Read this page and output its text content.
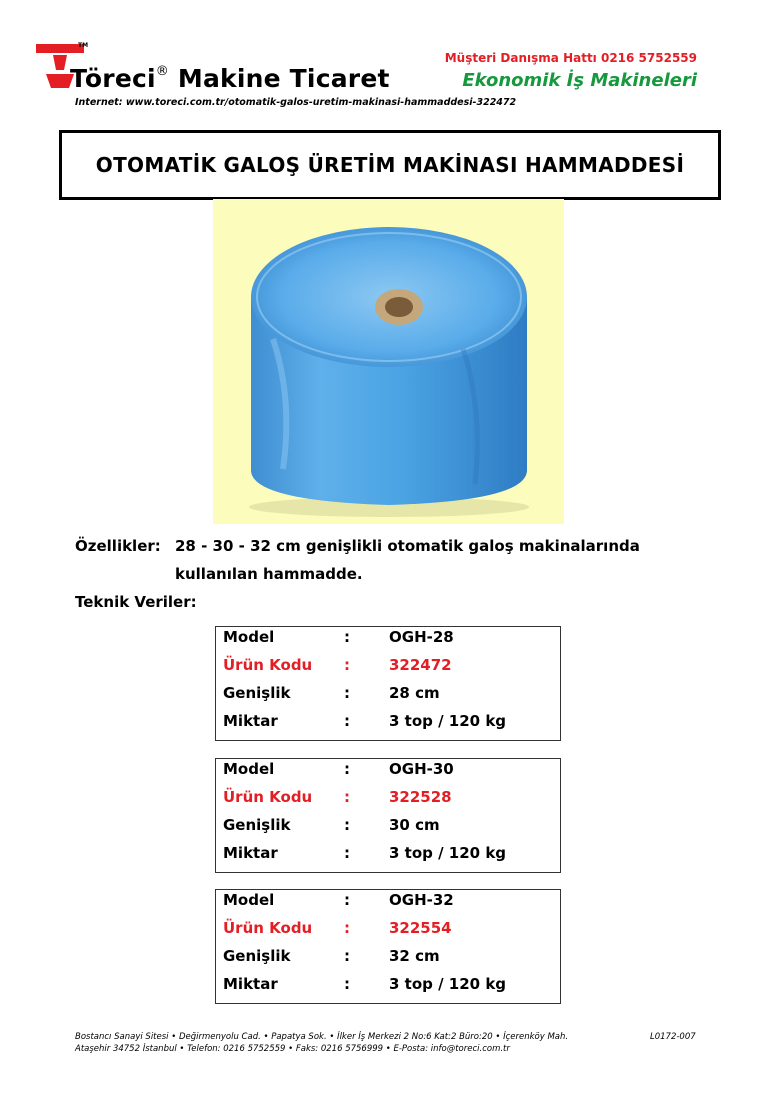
TM
Töreci® Makine Ticaret
Müşteri Danışma Hattı 0216 5752559
Ekonomik İş Makineleri
Internet: www.toreci.com.tr/otomatik-galos-uretim-makinasi-hammaddesi-322472
OTOMATİK GALOŞ ÜRETİM MAKİNASI HAMMADDESİ
Özellikler: 28 - 30 - 32 cm genişlikli otomatik galoş makinalarında
kullanılan hammadde.
Teknik Veriler:
Model	:	OGH-28
Ürün Kodu :	322472
Genişlik	:	28 cm
Miktar	:	3 top / 120 kg
Model	:	OGH-30
Ürün Kodu :	322528
Genişlik	:	30 cm
Miktar	:	3 top / 120 kg
Model	:	OGH-32
Ürün Kodu :	322554
Genişlik	:	32 cm
Miktar	:	3 top / 120 kg
Bostancı Sanayi Sitesi • Değirmenyolu Cad. • Papatya Sok. • İlker İş Merkezi 2 No:6 Kat:2 Büro:20 • İçerenköy Mah.
Ataşehir 34752 İstanbul • Telefon: 0216 5752559 • Faks: 0216 5756999 • E-Posta: info@toreci.com.tr
L0172-007
